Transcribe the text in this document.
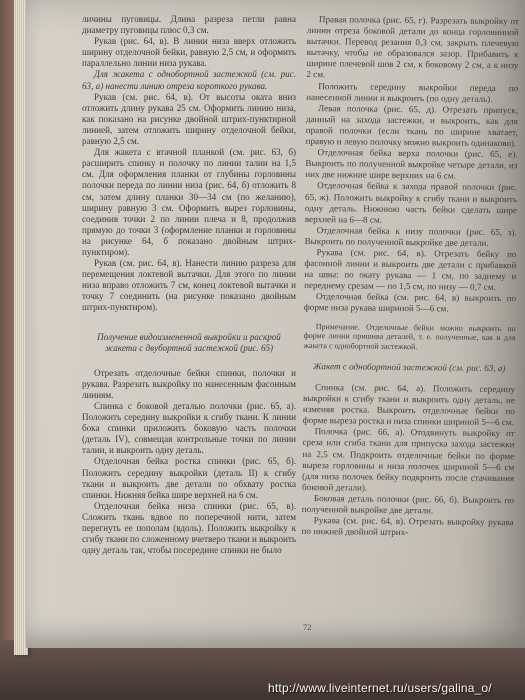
личины пуговицы. Длина разреза петли равна диаметру пуговицы плюс 0,3 см.

Рукав (рис. 64, в). В линии низа вверх отложить ширину отделочной бейки, равную 2,5 см, и оформить параллельно линии низа рукава.

Для жакета с однобортной застежкой (см. рис. 63, а) нанести линию отреза короткого рукава.

Рукав (см. рис. 64, в). От высоты оката вниз отложить длину рукава 25 см. Оформить линию низа, как показано на рисунке двойной штрих-пунктирной линией, затем отложить ширину отделочной бейки, равную 2,5 см.

Для жакета с втачной планкой (см. рис. 63, б) расширить спинку и полочку по линии талии на 1,5 см. Для оформления планки от глубины горловины полочки переда по линии низа (рис. 64, б) отложить 8 см, затем длину планки 30—34 см (по желанию), ширину равную 3 см. Оформить вырез горловины, соединив точки 2 по линии плеча и 8, продолжив прямую до точки 3 (оформление планки и горловины на рисунке 64, б показано двойным штрих-пунктиром).

Рукав (см. рис. 64, в). Нанести линию разреза для перемещения локтевой вытачки. Для этого по линии низа вправо отложить 7 см, конец локтевой вытачки и точку 7 соединить (на рисунке показано двойным штрих-пунктиром).

Получение видоизмененной выкройки и раскрой жакета с двубортной застежкой (рис. 65)

Отрезать отделочные бейки спинки, полочки и рукава. Разрезать выкройку по нанесенным фасонным линиям.

Спинка с боковой деталью полочки (рис. 65, а). Положить середину выкройки к сгибу ткани. К линии бока спинки приложить боковую часть полочки (деталь IV), совмещая контрольные точки по линии талии, и выкроить одну деталь.

Отделочная бейка ростка спинки (рис. 65, б). Положить середину выкройки (деталь II) к сгибу ткани и выкроить две детали по обхвату ростка спинки. Нижняя бейка шире верхней на 6 см.

Отделочная бейка низа спинки (рис. 65, в). Сложить ткань вдвое по поперечной нити, затем перегнуть ее пополам (вдоль). Положить выкройку к сгибу ткани по сложенному вчетверо ткани и выкроить одну деталь так, чтобы посередине спинки не было

Правая полочка (рис. 65, г). Разрезать выкройку от линии отреза боковой детали до конца горловинной вытачки. Перевод резания 0,3 см, закрыть плечевую вытачку, чтобы не образовался зазор. Прибавить к ширине плечевой шов 2 см, к боковому 2 см, а к низу 2 см.

Положить середину выкройки переда по нанесенной линии и выкроить (по одну деталь).

Левая полочка (рис. 65, д). Отрезать припуск, данный на захода застежки, и выкроить, как для правой полочки (если ткань по ширине хватает, правую и левую полочку можно выкроить одинаково).

Отделочная бейка верха полочки (рис. 65, е). Выкроить по полученной выкройке четыре детали, из них две нижние шире верхних на 6 см.

Отделочная бейка к захода правой полочки (рис. 65, ж). Положить выкройку к сгибу ткани и выкроить одну деталь. Нижнюю часть бейки сделать шире верхней на 6—8 см.

Отделочная бейка к низу полочки (рис. 65, з). Выкроить по полученной выкройке две детали.

Рукава (см. рис. 64, в). Отрезать бейку по фасонной линии и выкроить две детали с прибавкой на швы: по окату рукава — 1 см, по заднему и переднему срезам — по 1,5 см, по низу — 0,7 см.

Отделочная бейка (см. рис. 64, в) выкроить по форме низа рукава шириной 5—6 см.

Примечание. Отделочные бейки можно выкроить по форме линии пришива деталей, т. е. полученные, как и для жакета с однобортной застежкой.

Жакет с однобортной застежкой (см. рис. 63, а)

Спинка (см. рис. 64, а). Положить середину выкройки к сгибу ткани и выкроить одну деталь, не изменяя ростка. Выкроить отделочные бейки по форме выреза ростка и низа спинки шириной 5—6 см.

Полочка (рис. 66, а). Отодвинуть выкройку от среза или сгиба ткани для припуска захода застежки на 2,5 см. Подкроить отделочные бейки по форме выреза горловины и низа полочек шириной 5—6 см (для низа полочек бейку подкроить после стачивания боковой детали).

Боковая деталь полочки (рис. 66, б). Выкроить по полученной выкройке две детали.

Рукава (см. рис. 64, в). Отрезать выкройку рукава по нижней двойной штрих-

72
http://www.liveinternet.ru/users/galina_o/
